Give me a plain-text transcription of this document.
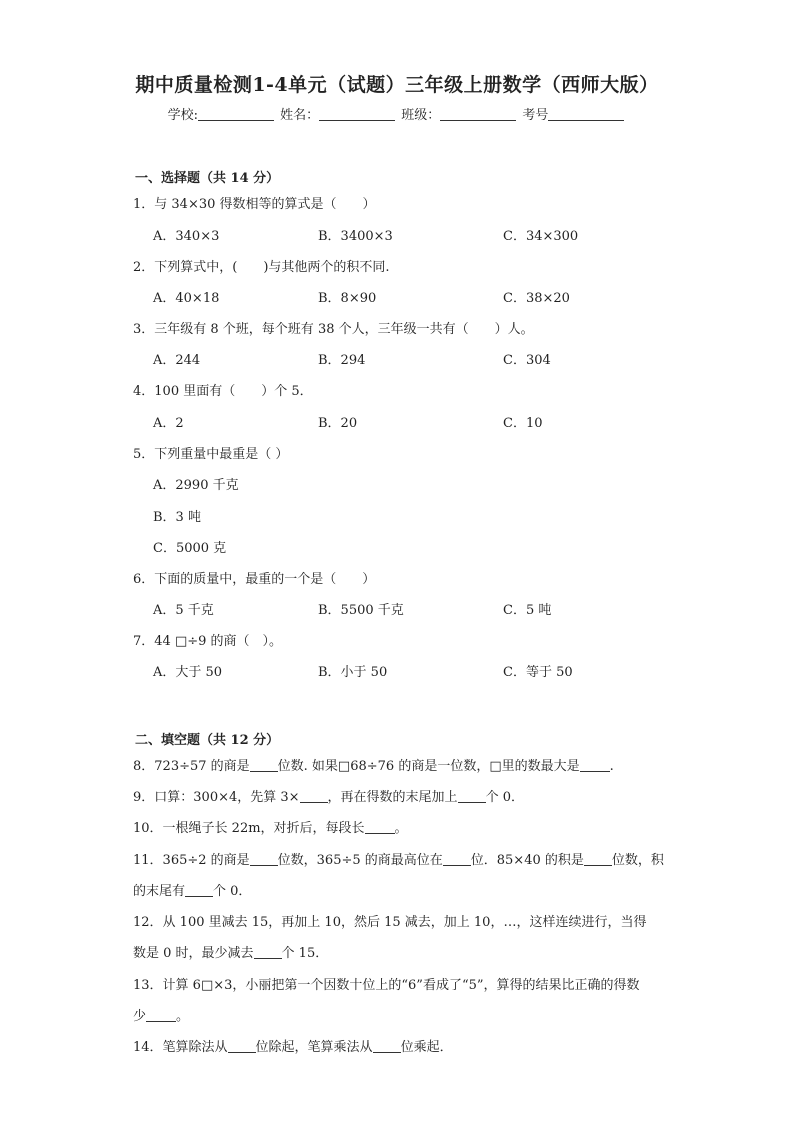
期中质量检测1-4单元（试题）三年级上册数学（西师大版）
学校:	姓名：	班级：	考号
一、选择题（共 14 分）
1．与 34×30 得数相等的算式是（　　）
A．340×3	B．3400×3	C．34×300
2．下列算式中，(　　)与其他两个的积不同.
A．40×18	B．8×90	C．38×20
3．三年级有 8 个班，每个班有 38 个人，三年级一共有（　　）人。
A．244	B．294	C．304
4．100 里面有（　　）个 5．
A．2	B．20	C．10
5．下列重量中最重是（ ）
A．2990 千克
B．3 吨
C．5000 克
6．下面的质量中，最重的一个是（　　）
A．5 千克	B．5500 千克	C．5 吨
7．44 □÷9 的商（　）。
A．大于 50	B．小于 50	C．等于 50
二、填空题（共 12 分）
8．723÷57 的商是 位数. 如果□68÷76 的商是一位数，□里的数最大是 .
9．口算：300×4，先算 3× ，再在得数的末尾加上 个 0．
10．一根绳子长 22m，对折后，每段长 。
11．365÷2 的商是 位数，365÷5 的商最高位在 位．85×40 的积是 位数，积
的末尾有 个 0．
12．从 100 里减去 15，再加上 10，然后 15 减去，加上 10，…，这样连续进行，当得
数是 0 时，最少减去 个 15．
13．计算 6□×3，小丽把第一个因数十位上的“6”看成了“5”，算得的结果比正确的得数
少 。
14．笔算除法从 位除起，笔算乘法从 位乘起．
